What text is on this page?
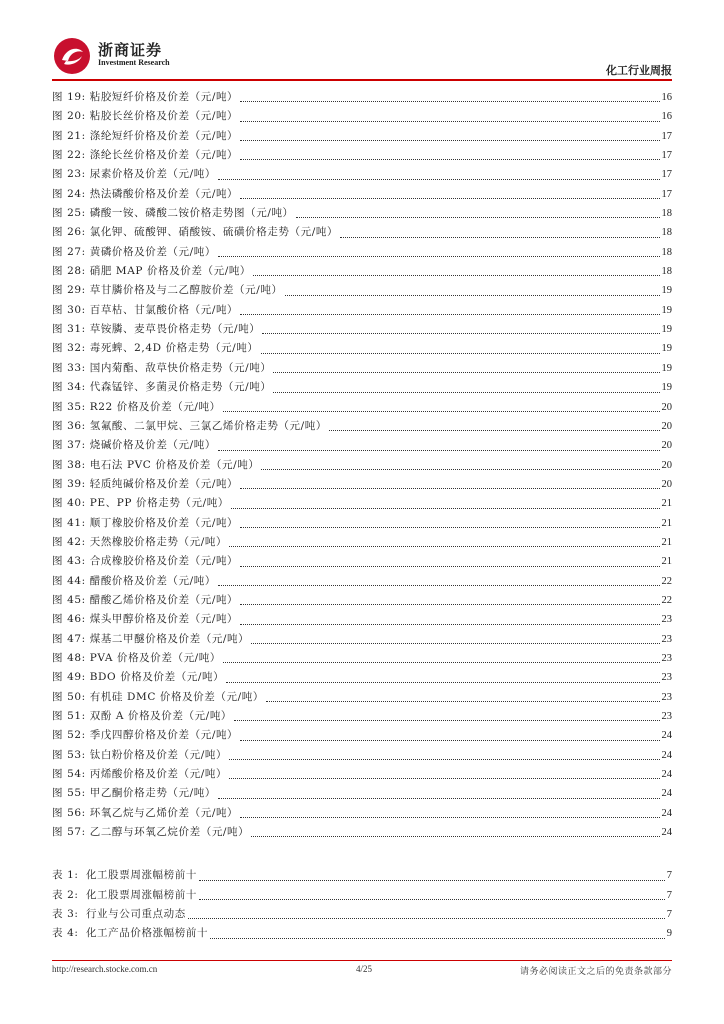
浙商证券
Investment Research
化工行业周报
图 19: 粘胶短纤价格及价差（元/吨）	16
图 20: 粘胶长丝价格及价差（元/吨）	16
图 21: 涤纶短纤价格及价差（元/吨）	17
图 22: 涤纶长丝价格及价差（元/吨）	17
图 23: 尿素价格及价差（元/吨）	17
图 24: 热法磷酸价格及价差（元/吨）	17
图 25: 磷酸一铵、磷酸二铵价格走势图（元/吨）	18
图 26: 氯化钾、硫酸钾、硝酸铵、硫磺价格走势（元/吨）	18
图 27: 黄磷价格及价差（元/吨）	18
图 28: 硝肥 MAP 价格及价差（元/吨）	18
图 29: 草甘膦价格及与二乙醇胺价差（元/吨）	19
图 30: 百草枯、甘氯酸价格（元/吨）	19
图 31: 草铵膦、麦草畏价格走势（元/吨）	19
图 32: 毒死蜱、2,4D 价格走势（元/吨）	19
图 33: 国内菊酯、敌草快价格走势（元/吨）	19
图 34: 代森锰锌、多菌灵价格走势（元/吨）	19
图 35: R22 价格及价差（元/吨）	20
图 36: 氢氟酸、二氯甲烷、三氯乙烯价格走势（元/吨）	20
图 37: 烧碱价格及价差（元/吨）	20
图 38: 电石法 PVC 价格及价差（元/吨）	20
图 39: 轻质纯碱价格及价差（元/吨）	20
图 40: PE、PP 价格走势（元/吨）	21
图 41: 顺丁橡胶价格及价差（元/吨）	21
图 42: 天然橡胶价格走势（元/吨）	21
图 43: 合成橡胶价格及价差（元/吨）	21
图 44: 醋酸价格及价差（元/吨）	22
图 45: 醋酸乙烯价格及价差（元/吨）	22
图 46: 煤头甲醇价格及价差（元/吨）	23
图 47: 煤基二甲醚价格及价差（元/吨）	23
图 48: PVA 价格及价差（元/吨）	23
图 49: BDO 价格及价差（元/吨）	23
图 50: 有机硅 DMC 价格及价差（元/吨）	23
图 51: 双酚 A 价格及价差（元/吨）	23
图 52: 季戊四醇价格及价差（元/吨）	24
图 53: 钛白粉价格及价差（元/吨）	24
图 54: 丙烯酸价格及价差（元/吨）	24
图 55: 甲乙酮价格走势（元/吨）	24
图 56: 环氧乙烷与乙烯价差（元/吨）	24
图 57: 乙二醇与环氧乙烷价差（元/吨）	24
表 1: 化工股票周涨幅榜前十	7
表 2: 化工股票周涨幅榜前十	7
表 3: 行业与公司重点动态	7
表 4: 化工产品价格涨幅榜前十	9
http://research.stocke.com.cn	4/25	请务必阅读正文之后的免责条款部分
